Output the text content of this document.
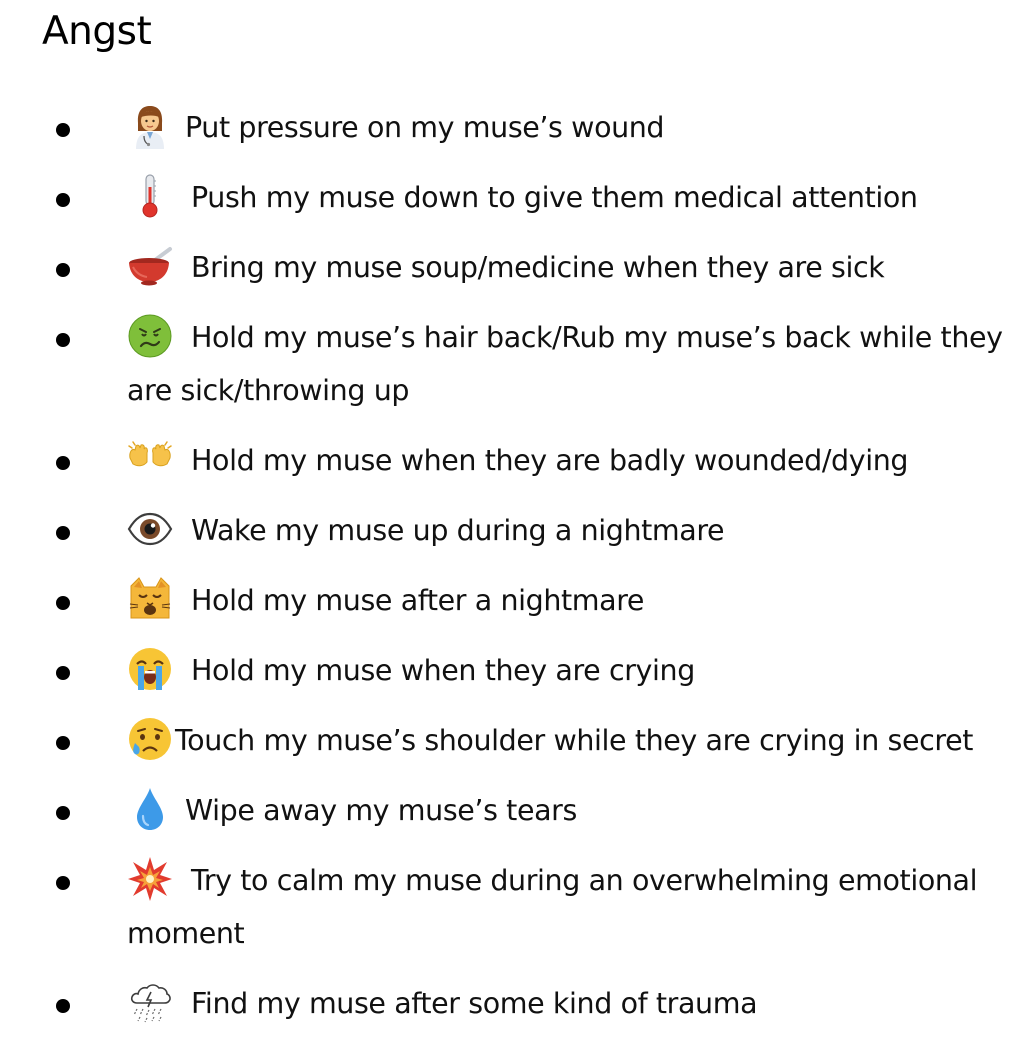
Angst
Put pressure on my muse’s wound
Push my muse down to give them medical attention
Bring my muse soup/medicine when they are sick
Hold my muse’s hair back/Rub my muse’s back while they are sick/throwing up
Hold my muse when they are badly wounded/dying
Wake my muse up during a nightmare
Hold my muse after a nightmare
Hold my muse when they are crying
Touch my muse’s shoulder while they are crying in secret
Wipe away my muse’s tears
Try to calm my muse during an overwhelming emotional moment
Find my muse after some kind of trauma
